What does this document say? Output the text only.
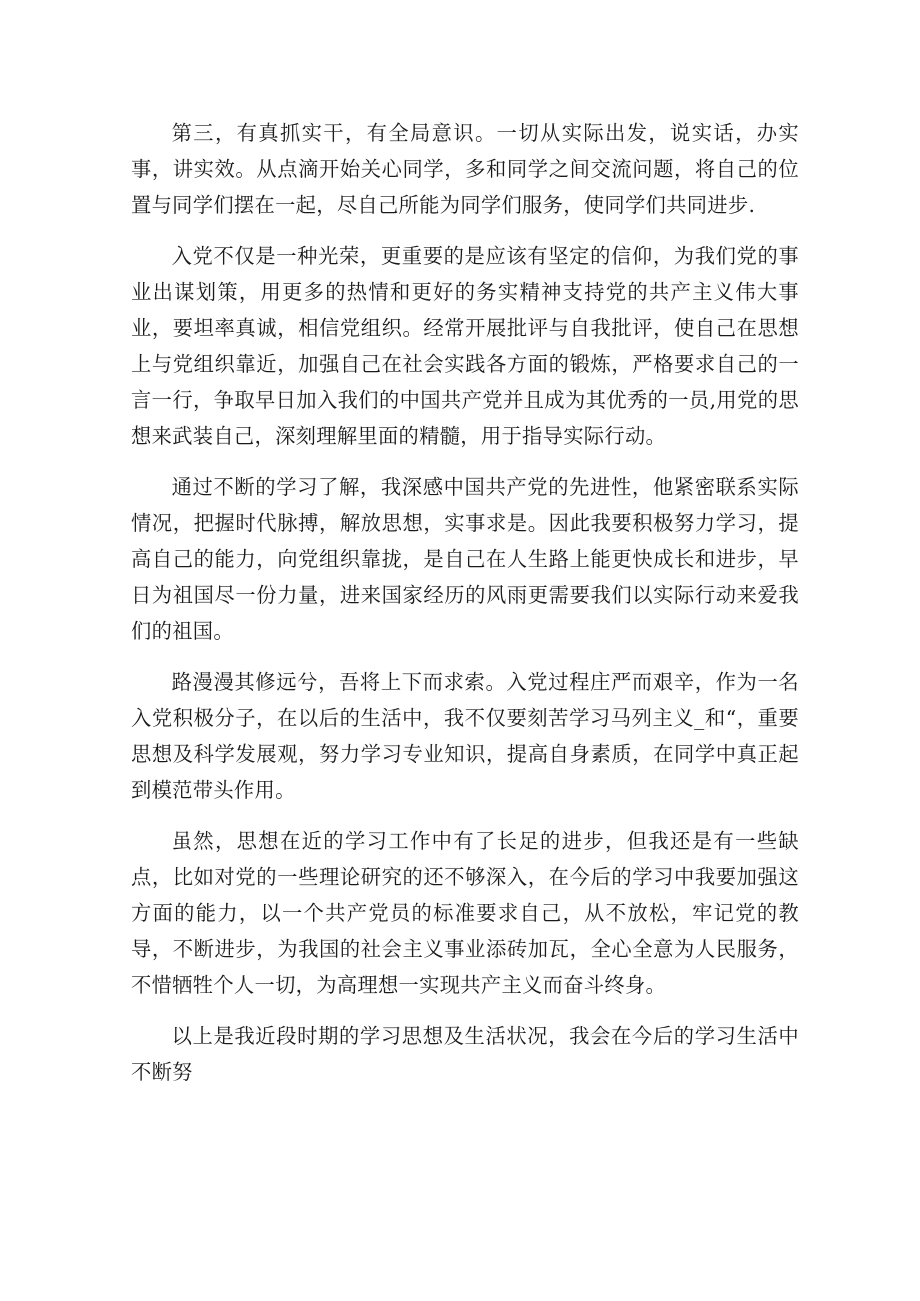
第三，有真抓实干，有全局意识。一切从实际出发，说实话，办实事，讲实效。从点滴开始关心同学，多和同学之间交流问题，将自己的位置与同学们摆在一起，尽自己所能为同学们服务，使同学们共同进步.

入党不仅是一种光荣，更重要的是应该有坚定的信仰，为我们党的事业出谋划策，用更多的热情和更好的务实精神支持党的共产主义伟大事业，要坦率真诚，相信党组织。经常开展批评与自我批评，使自己在思想上与党组织靠近，加强自己在社会实践各方面的锻炼，严格要求自己的一言一行，争取早日加入我们的中国共产党并且成为其优秀的一员,用党的思想来武装自己，深刻理解里面的精髓，用于指导实际行动。

通过不断的学习了解，我深感中国共产党的先进性，他紧密联系实际情况，把握时代脉搏，解放思想，实事求是。因此我要积极努力学习，提高自己的能力，向党组织靠拢，是自己在人生路上能更快成长和进步，早日为祖国尽一份力量，进来国家经历的风雨更需要我们以实际行动来爱我们的祖国。

路漫漫其修远兮，吾将上下而求索。入党过程庄严而艰辛，作为一名入党积极分子，在以后的生活中，我不仅要刻苦学习马列主义_和“，重要思想及科学发展观，努力学习专业知识，提高自身素质，在同学中真正起到模范带头作用。

虽然，思想在近的学习工作中有了长足的进步，但我还是有一些缺点，比如对党的一些理论研究的还不够深入，在今后的学习中我要加强这方面的能力，以一个共产党员的标准要求自己，从不放松，牢记党的教导，不断进步，为我国的社会主义事业添砖加瓦，全心全意为人民服务，不惜牺牲个人一切，为高理想一实现共产主义而奋斗终身。

以上是我近段时期的学习思想及生活状况，我会在今后的学习生活中不断努
